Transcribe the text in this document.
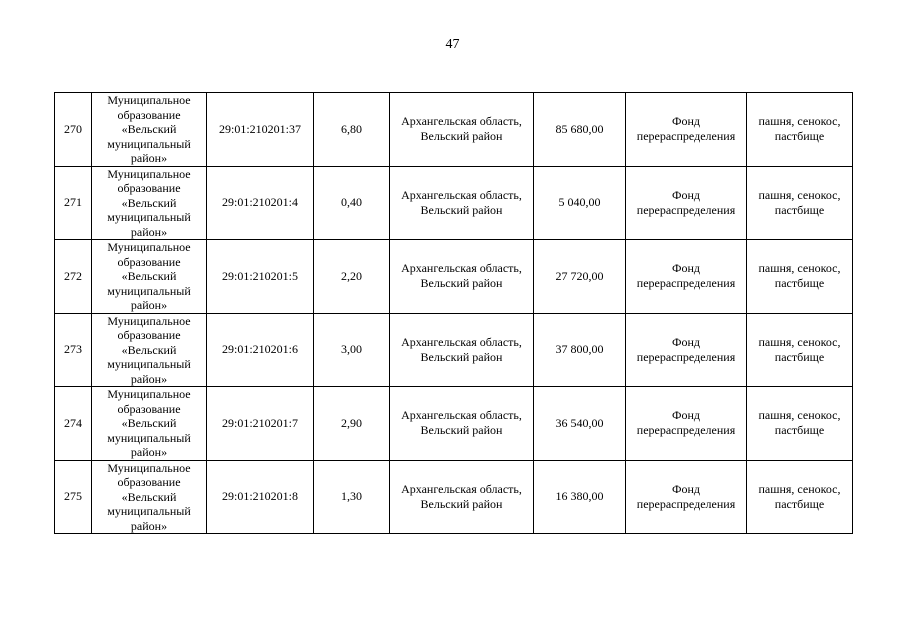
47
270	Муниципальное образование «Вельский муниципальный район»	29:01:210201:37	6,80	Архангельская область, Вельский район	85 680,00	Фонд перераспределения	пашня, сенокос, пастбище
271	Муниципальное образование «Вельский муниципальный район»	29:01:210201:4	0,40	Архангельская область, Вельский район	5 040,00	Фонд перераспределения	пашня, сенокос, пастбище
272	Муниципальное образование «Вельский муниципальный район»	29:01:210201:5	2,20	Архангельская область, Вельский район	27 720,00	Фонд перераспределения	пашня, сенокос, пастбище
273	Муниципальное образование «Вельский муниципальный район»	29:01:210201:6	3,00	Архангельская область, Вельский район	37 800,00	Фонд перераспределения	пашня, сенокос, пастбище
274	Муниципальное образование «Вельский муниципальный район»	29:01:210201:7	2,90	Архангельская область, Вельский район	36 540,00	Фонд перераспределения	пашня, сенокос, пастбище
275	Муниципальное образование «Вельский муниципальный район»	29:01:210201:8	1,30	Архангельская область, Вельский район	16 380,00	Фонд перераспределения	пашня, сенокос, пастбище
